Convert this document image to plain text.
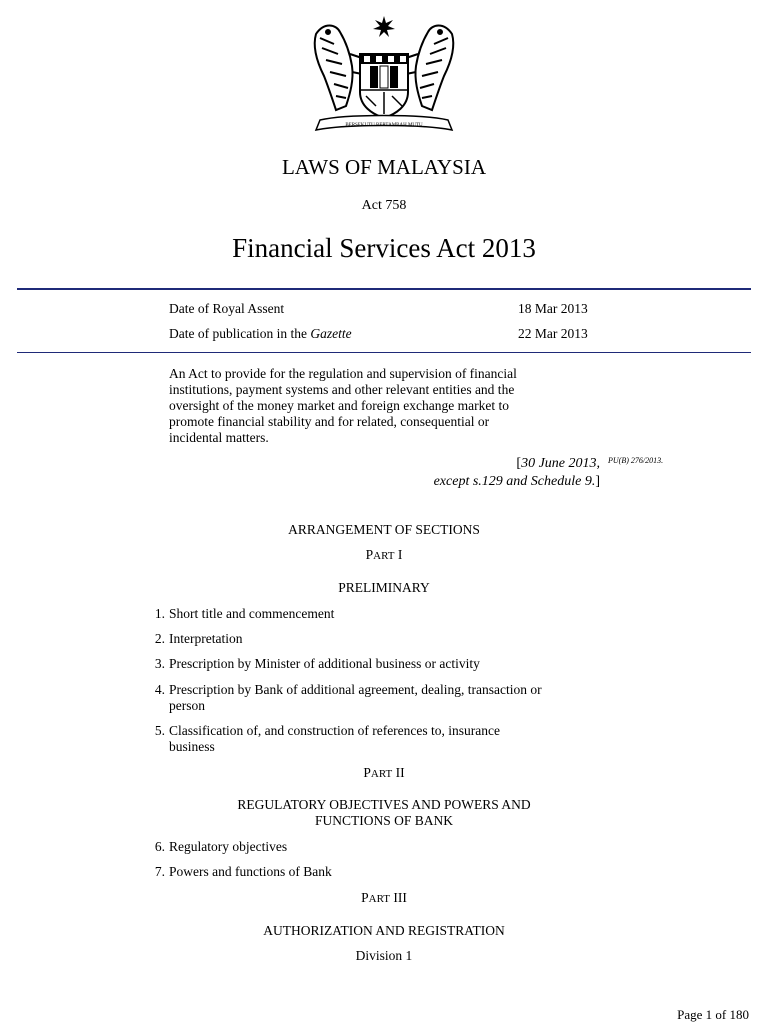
BERSEKUTU BERTAMBAH MUTU
LAWS OF MALAYSIA
Act 758
Financial Services Act 2013
Date of Royal Assent	18 Mar 2013
Date of publication in the Gazette	22 Mar 2013
An Act to provide for the regulation and supervision of financial
institutions, payment systems and other relevant entities and the
oversight of the money market and foreign exchange market to
promote financial stability and for related, consequential or
incidental matters.
[30 June 2013,
except s.129 and Schedule 9.]
PU(B) 276/2013.
ARRANGEMENT OF SECTIONS
PART I
PRELIMINARY
1. Short title and commencement
2. Interpretation
3. Prescription by Minister of additional business or activity
4. Prescription by Bank of additional agreement, dealing, transaction or
person
5. Classification of, and construction of references to, insurance
business
PART II
REGULATORY OBJECTIVES AND POWERS AND
FUNCTIONS OF BANK
6. Regulatory objectives
7. Powers and functions of Bank
PART III
AUTHORIZATION AND REGISTRATION
Division 1
Page 1 of 180
